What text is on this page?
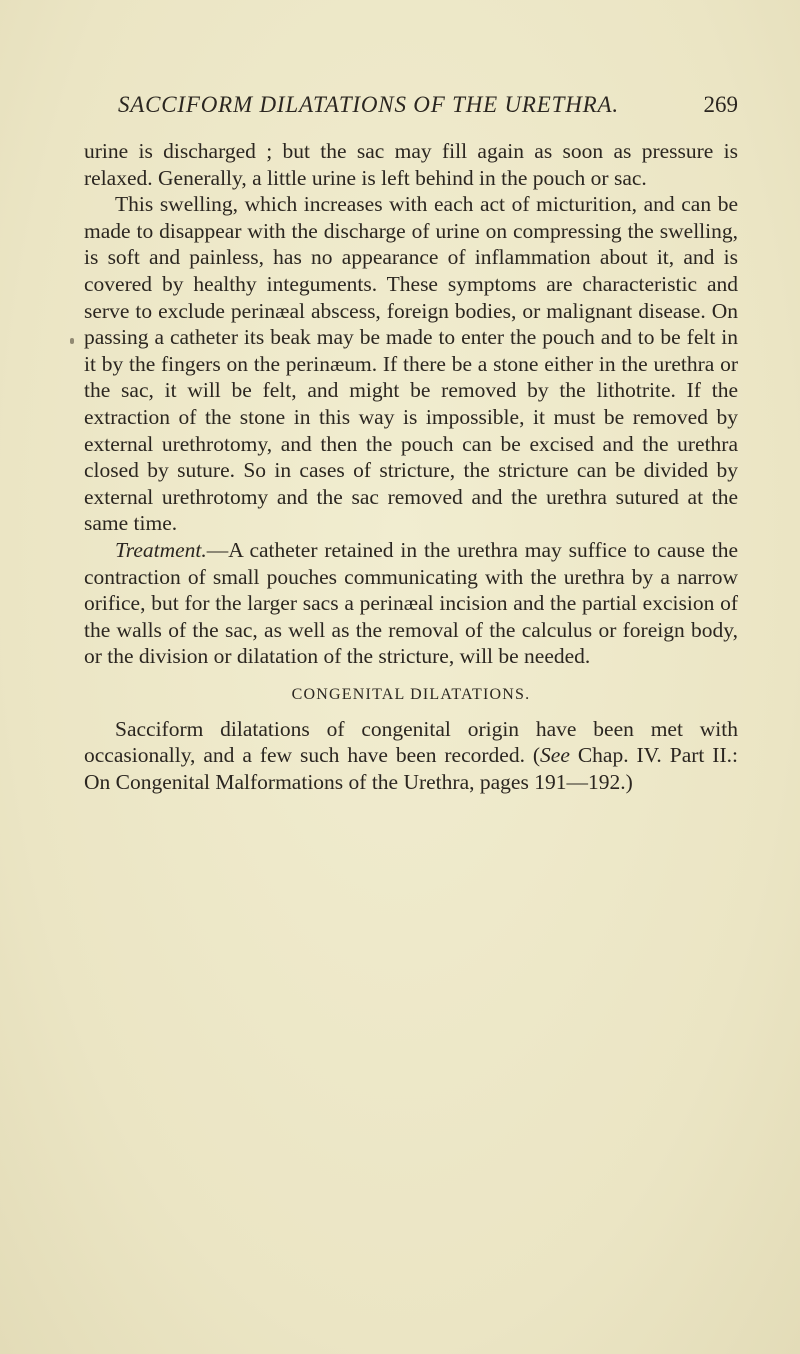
SACCIFORM DILATATIONS OF THE URETHRA.	269

urine is discharged ; but the sac may fill again as soon as pressure is relaxed. Generally, a little urine is left behind in the pouch or sac.

This swelling, which increases with each act of micturition, and can be made to disappear with the discharge of urine on compressing the swelling, is soft and painless, has no appearance of inflammation about it, and is covered by healthy integuments. These symptoms are characteristic and serve to exclude perinæal abscess, foreign bodies, or malignant disease. On passing a catheter its beak may be made to enter the pouch and to be felt in it by the fingers on the perinæum. If there be a stone either in the urethra or the sac, it will be felt, and might be removed by the lithotrite. If the extraction of the stone in this way is impossible, it must be removed by external urethrotomy, and then the pouch can be excised and the urethra closed by suture. So in cases of stricture, the stricture can be divided by external urethrotomy and the sac removed and the urethra sutured at the same time.

Treatment.—A catheter retained in the urethra may suffice to cause the contraction of small pouches communicating with the urethra by a narrow orifice, but for the larger sacs a perinæal incision and the partial excision of the walls of the sac, as well as the removal of the calculus or foreign body, or the division or dilatation of the stricture, will be needed.

CONGENITAL DILATATIONS.

Sacciform dilatations of congenital origin have been met with occasionally, and a few such have been recorded. (See Chap. IV. Part II.: On Congenital Malformations of the Urethra, pages 191—192.)
